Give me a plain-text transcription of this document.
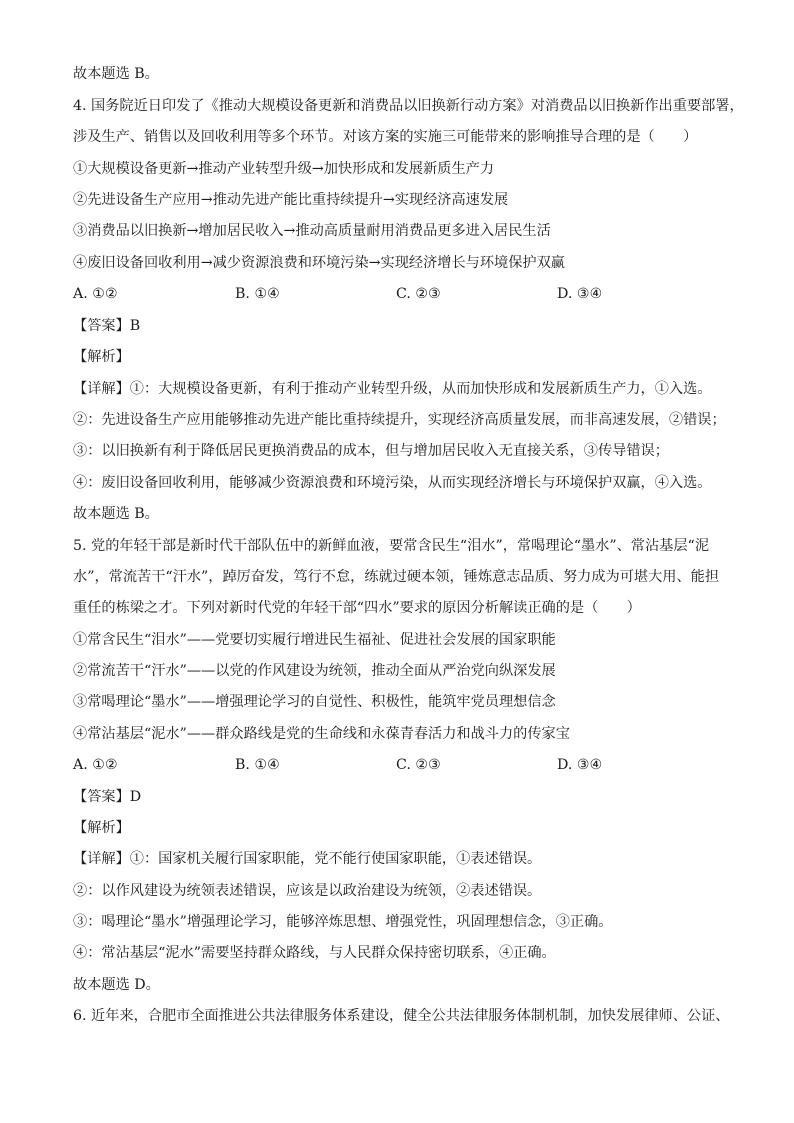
故本题选 B。
4. 国务院近日印发了《推动大规模设备更新和消费品以旧换新行动方案》对消费品以旧换新作出重要部署，
涉及生产、销售以及回收利用等多个环节。对该方案的实施三可能带来的影响推导合理的是（　　）
①大规模设备更新→推动产业转型升级→加快形成和发展新质生产力
②先进设备生产应用→推动先进产能比重持续提升→实现经济高速发展
③消费品以旧换新→增加居民收入→推动高质量耐用消费品更多进入居民生活
④废旧设备回收利用→减少资源浪费和环境污染→实现经济增长与环境保护双赢
A. ①②	B. ①④	C. ②③	D. ③④
【答案】B
【解析】
【详解】①：大规模设备更新，有利于推动产业转型升级，从而加快形成和发展新质生产力，①入选。
②：先进设备生产应用能够推动先进产能比重持续提升，实现经济高质量发展，而非高速发展，②错误；
③：以旧换新有利于降低居民更换消费品的成本，但与增加居民收入无直接关系，③传导错误；
④：废旧设备回收利用，能够减少资源浪费和环境污染，从而实现经济增长与环境保护双赢，④入选。
故本题选 B。
5. 党的年轻干部是新时代干部队伍中的新鲜血液，要常含民生“泪水”，常喝理论“墨水”、常沾基层“泥
水”，常流苦干“汗水”，踔厉奋发，笃行不怠，练就过硬本领，锤炼意志品质、努力成为可堪大用、能担
重任的栋梁之才。下列对新时代党的年轻干部“四水”要求的原因分析解读正确的是（　　）
①常含民生“泪水”——党要切实履行增进民生福祉、促进社会发展的国家职能
②常流苦干“汗水”——以党的作风建设为统领，推动全面从严治党向纵深发展
③常喝理论“墨水”——增强理论学习的自觉性、积极性，能筑牢党员理想信念
④常沾基层“泥水”——群众路线是党的生命线和永葆青春活力和战斗力的传家宝
A. ①②	B. ①④	C. ②③	D. ③④
【答案】D
【解析】
【详解】①：国家机关履行国家职能，党不能行使国家职能，①表述错误。
②：以作风建设为统领表述错误，应该是以政治建设为统领，②表述错误。
③：喝理论“墨水”增强理论学习，能够淬炼思想、增强党性，巩固理想信念，③正确。
④：常沾基层“泥水”需要坚持群众路线，与人民群众保持密切联系，④正确。
故本题选 D。
6. 近年来，合肥市全面推进公共法律服务体系建设，健全公共法律服务体制机制，加快发展律师、公证、
